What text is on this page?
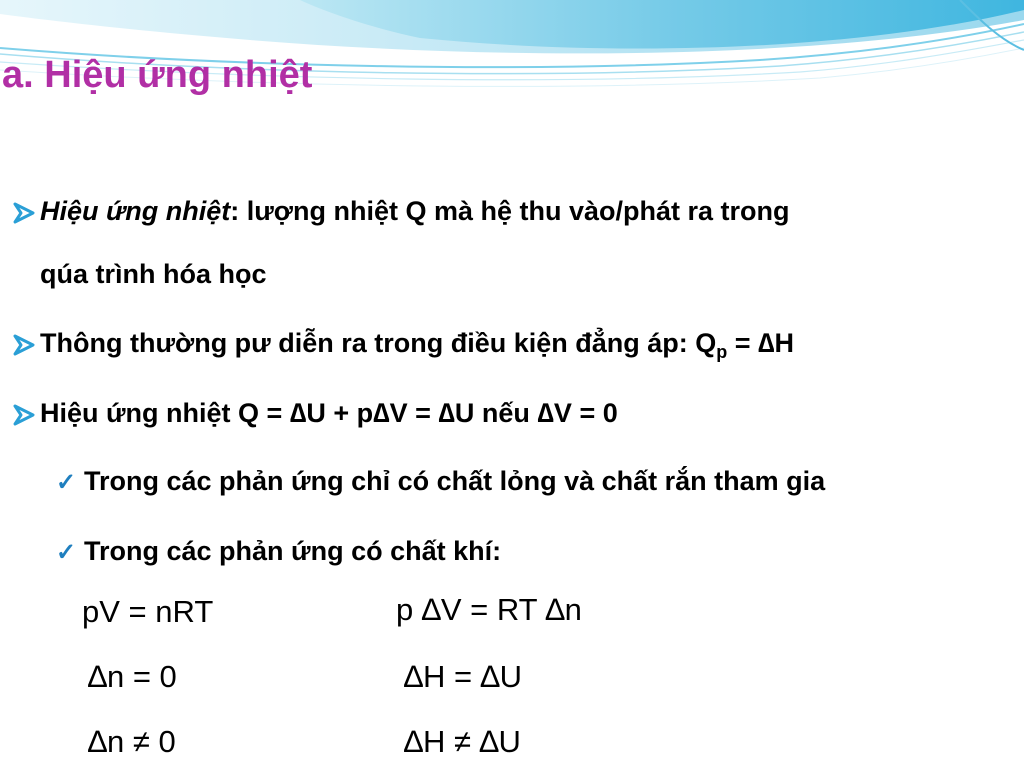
a. Hiệu ứng nhiệt
Hiệu ứng nhiệt: lượng nhiệt Q mà hệ thu vào/phát ra trong
qúa trình hóa học
Thông thường pư diễn ra trong điều kiện đẳng áp: $Q_p = \Delta H$
Hiệu ứng nhiệt Q = ∆U + p∆V = ∆U nếu ∆V = 0
✓ Trong các phản ứng chỉ có chất lỏng và chất rắn tham gia
✓ Trong các phản ứng có chất khí:
pV = nRT
∆n = 0
∆n ≠ 0
p ∆V = RT ∆n
∆H = ∆U
∆H ≠ ∆U
